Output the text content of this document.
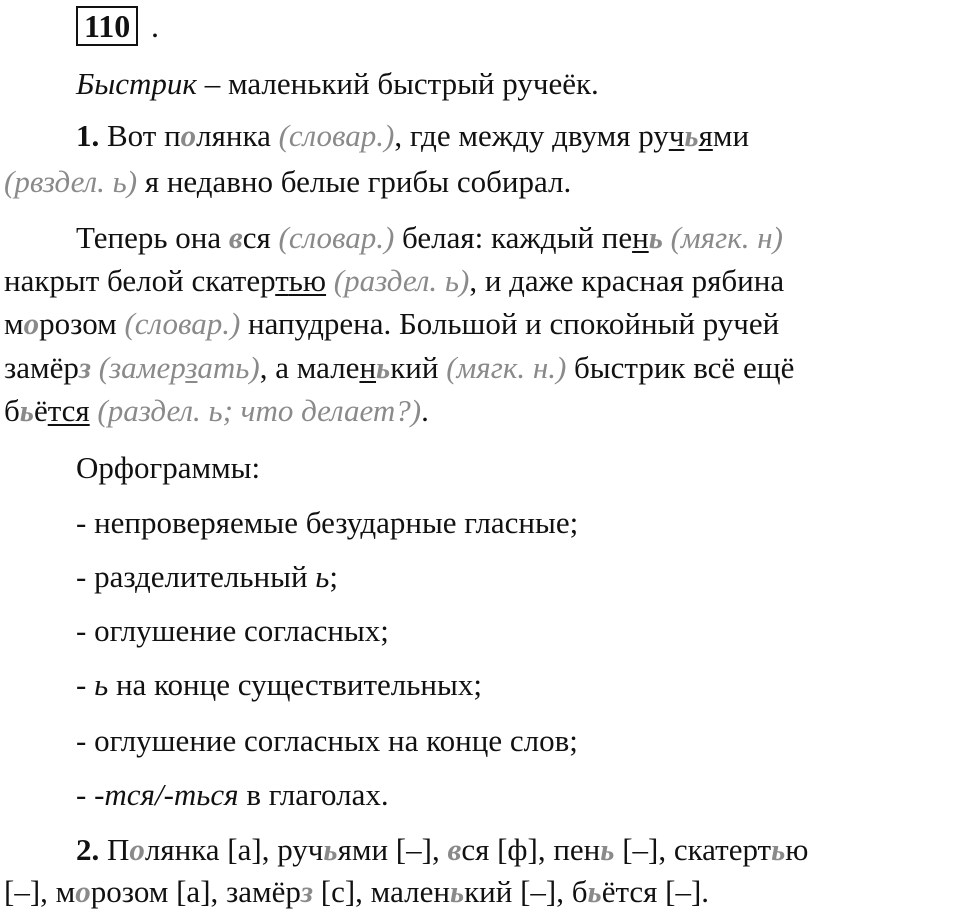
110 .
Быстрик – маленький быстрый ручеёк.
1. Вот полянка (словар.), где между двумя ручьями
(рвздел. ь) я недавно белые грибы собирал.
Теперь она вся (словар.) белая: каждый пень (мягк. н)
накрыт белой скатертью (раздел. ь), и даже красная рябина
морозом (словар.) напудрена. Большой и спокойный ручей
замёрз (замерзать), а маленький (мягк. н.) быстрик всё ещё
бьётся (раздел. ь; что делает?).
Орфограммы:
- непроверяемые безударные гласные;
- разделительный ь;
- оглушение согласных;
- ь на конце существительных;
- оглушение согласных на конце слов;
- -тся/-ться в глаголах.
2. Полянка [а], ручьями [–], вся [ф], пень [–], скатертью
[–], морозом [а], замёрз [с], маленький [–], бьётся [–].
